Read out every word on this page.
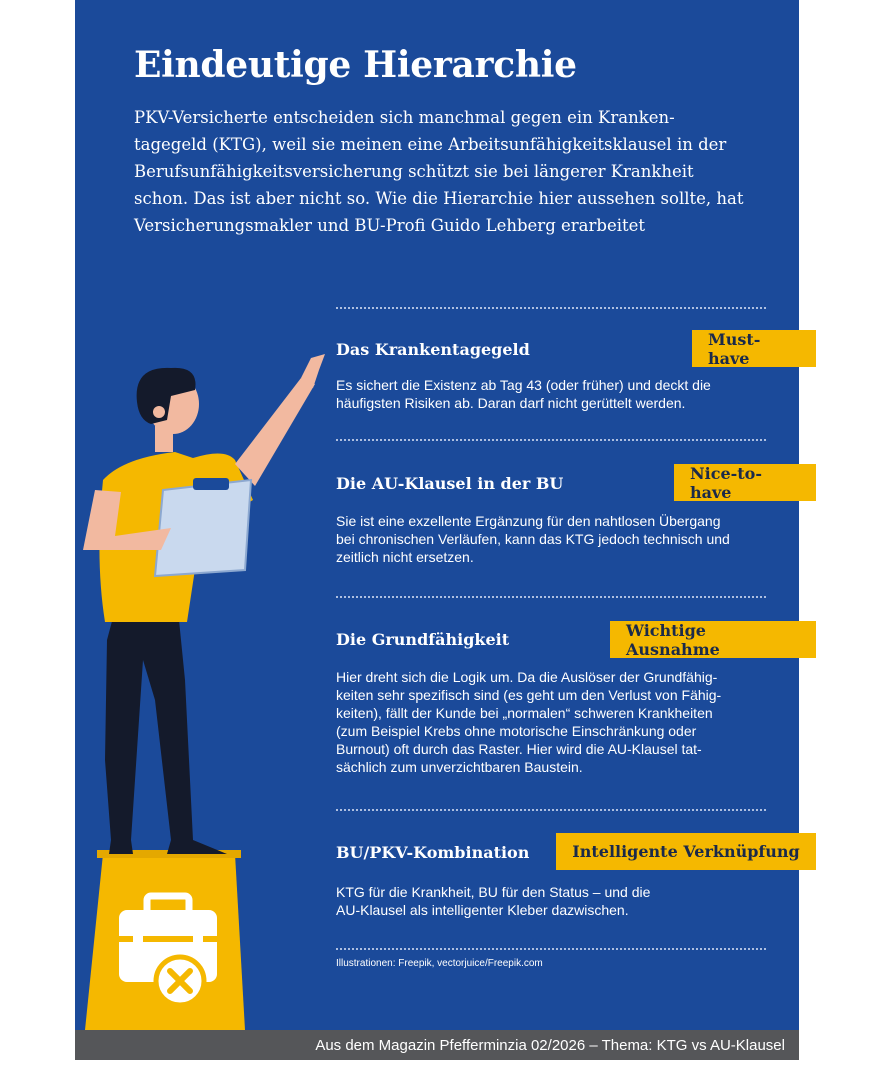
Eindeutige Hierarchie

PKV-Versicherte entscheiden sich manchmal gegen ein Kranken-
tagegeld (KTG), weil sie meinen eine Arbeitsunfähigkeitsklausel in der
Berufsunfähigkeitsversicherung schützt sie bei längerer Krankheit
schon. Das ist aber nicht so. Wie die Hierarchie hier aussehen sollte, hat
Versicherungsmakler und BU-Profi Guido Lehberg erarbeitet

Das Krankentagegeld
Must-have

Es sichert die Existenz ab Tag 43 (oder früher) und deckt die
häufigsten Risiken ab. Daran darf nicht gerüttelt werden.

Die AU-Klausel in der BU
Nice-to-have

Sie ist eine exzellente Ergänzung für den nahtlosen Übergang
bei chronischen Verläufen, kann das KTG jedoch technisch und
zeitlich nicht ersetzen.

Die Grundfähigkeit	Wichtige Ausnahme

Hier dreht sich die Logik um. Da die Auslöser der Grundfähig-
keiten sehr spezifisch sind (es geht um den Verlust von Fähig-
keiten), fällt der Kunde bei „normalen“ schweren Krankheiten
(zum Beispiel Krebs ohne motorische Einschränkung oder
Burnout) oft durch das Raster. Hier wird die AU-Klausel tat-
sächlich zum unverzichtbaren Baustein.

BU/PKV-Kombination	Intelligente Verknüpfung

KTG für die Krankheit, BU für den Status – und die
AU-Klausel als intelligenter Kleber dazwischen.

Illustrationen: Freepik, vectorjuice/Freepik.com

Aus dem Magazin Pfefferminzia 02/2026 – Thema: KTG vs AU-Klausel
